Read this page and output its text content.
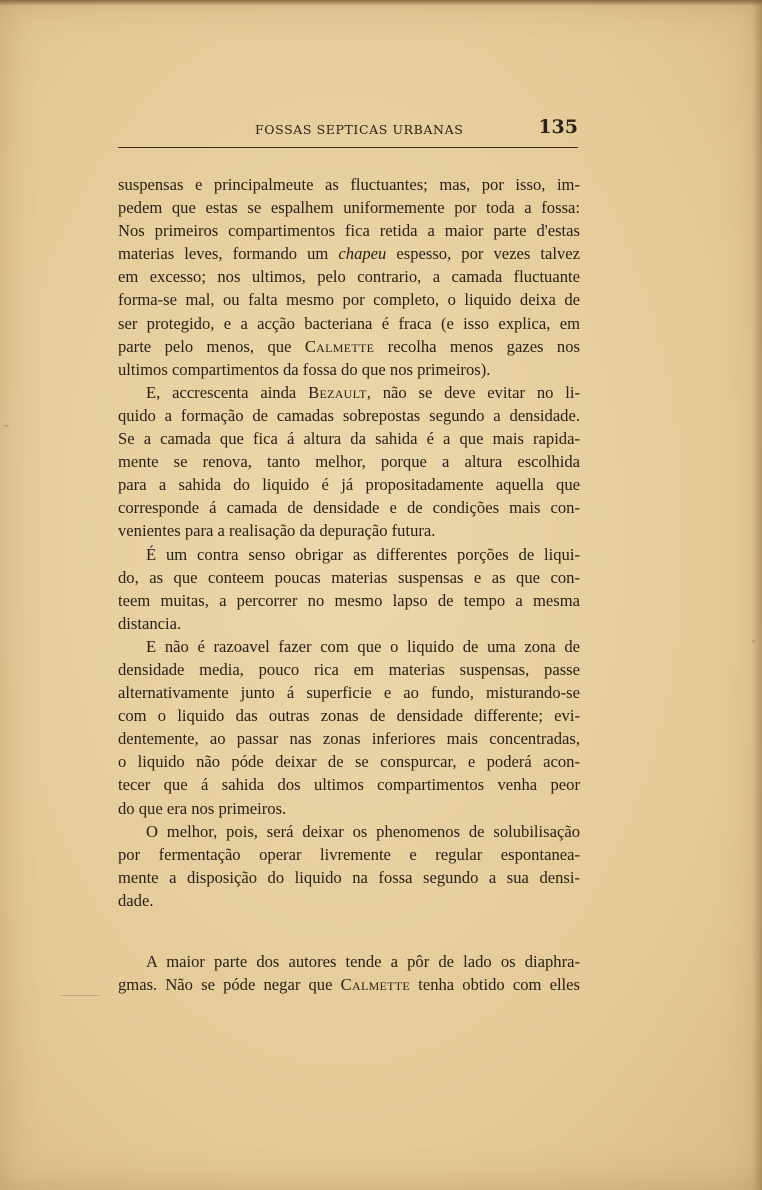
FOSSAS SEPTICAS URBANAS	135

suspensas e principalmeute as fluctuantes; mas, por isso, im-
pedem que estas se espalhem uniformemente por toda a fossa:
Nos primeiros compartimentos fica retida a maior parte d'estas
materias leves, formando um chapeu espesso, por vezes talvez
em excesso; nos ultimos, pelo contrario, a camada fluctuante
forma-se mal, ou falta mesmo por completo, o liquido deixa de
ser protegido, e a acção bacteriana é fraca (e isso explica, em
parte pelo menos, que Calmette recolha menos gazes nos
ultimos compartimentos da fossa do que nos primeiros).

E, accrescenta ainda Bezault, não se deve evitar no li-
quido a formação de camadas sobrepostas segundo a densidade.
Se a camada que fica á altura da sahida é a que mais rapida-
mente se renova, tanto melhor, porque a altura escolhida
para a sahida do liquido é já propositadamente aquella que
corresponde á camada de densidade e de condições mais con-
venientes para a realisação da depuração futura.

É um contra senso obrigar as differentes porções de liqui-
do, as que conteem poucas materias suspensas e as que con-
teem muitas, a percorrer no mesmo lapso de tempo a mesma
distancia.

E não é razoavel fazer com que o liquido de uma zona de
densidade media, pouco rica em materias suspensas, passe
alternativamente junto á superficie e ao fundo, misturando-se
com o liquido das outras zonas de densidade differente; evi-
dentemente, ao passar nas zonas inferiores mais concentradas,
o liquido não póde deixar de se conspurcar, e poderá acon-
tecer que á sahida dos ultimos compartimentos venha peor
do que era nos primeiros.

O melhor, pois, será deixar os phenomenos de solubilisação
por fermentação operar livremente e regular espontanea-
mente a disposição do liquido na fossa segundo a sua densi-
dade.

A maior parte dos autores tende a pôr de lado os diaphra-
gmas. Não se póde negar que Calmette tenha obtido com elles
